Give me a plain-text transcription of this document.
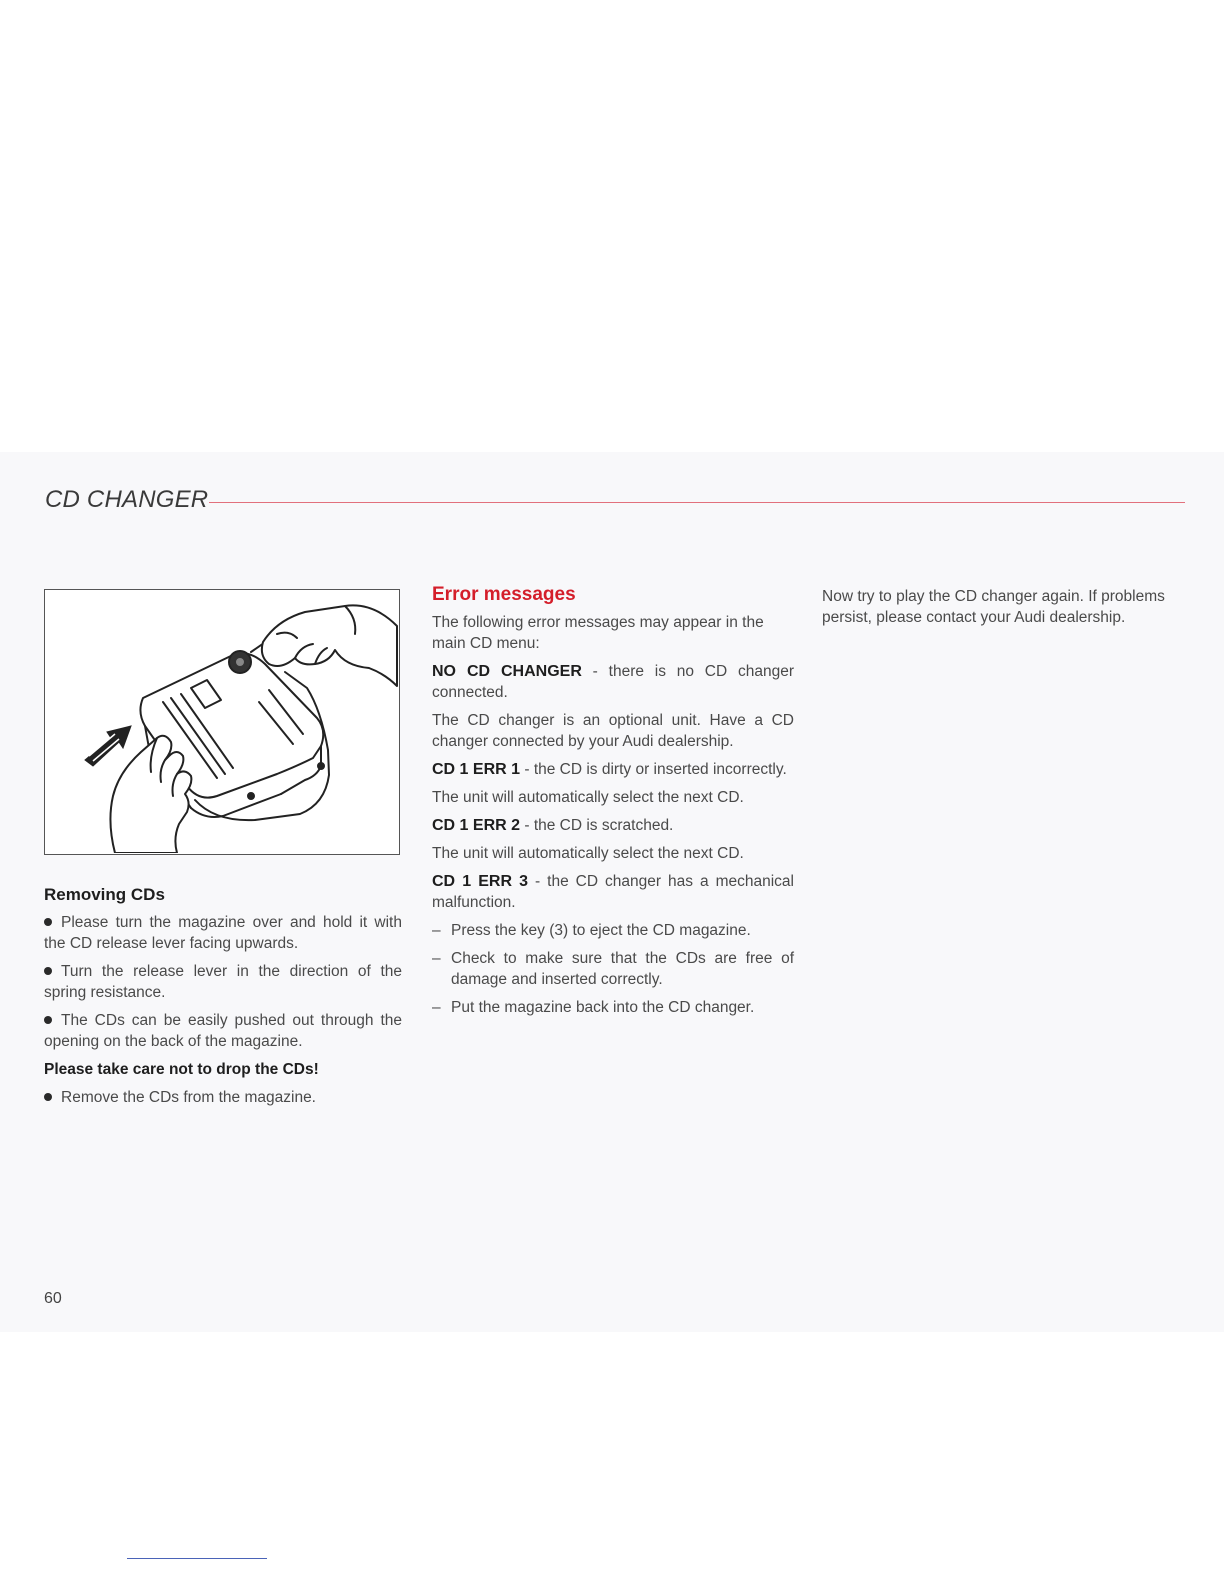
CD CHANGER

Removing CDs

Please turn the magazine over and hold it with the CD release lever facing upwards.

Turn the release lever in the direction of the spring resistance.

The CDs can be easily pushed out through the opening on the back of the magazine.

Please take care not to drop the CDs!

Remove the CDs from the magazine.

Error messages

The following error messages may appear in the main CD menu:

NO CD CHANGER - there is no CD changer connected.

The CD changer is an optional unit. Have a CD changer connected by your Audi dealership.

CD 1 ERR 1 - the CD is dirty or inserted incorrectly.

The unit will automatically select the next CD.

CD 1 ERR 2 - the CD is scratched.

The unit will automatically select the next CD.

CD 1 ERR 3 - the CD changer has a mechanical malfunction.

– Press the key (3) to eject the CD magazine.

– Check to make sure that the CDs are free of damage and inserted correctly.

– Put the magazine back into the CD changer.

Now try to play the CD changer again. If problems persist, please contact your Audi dealership.

60
